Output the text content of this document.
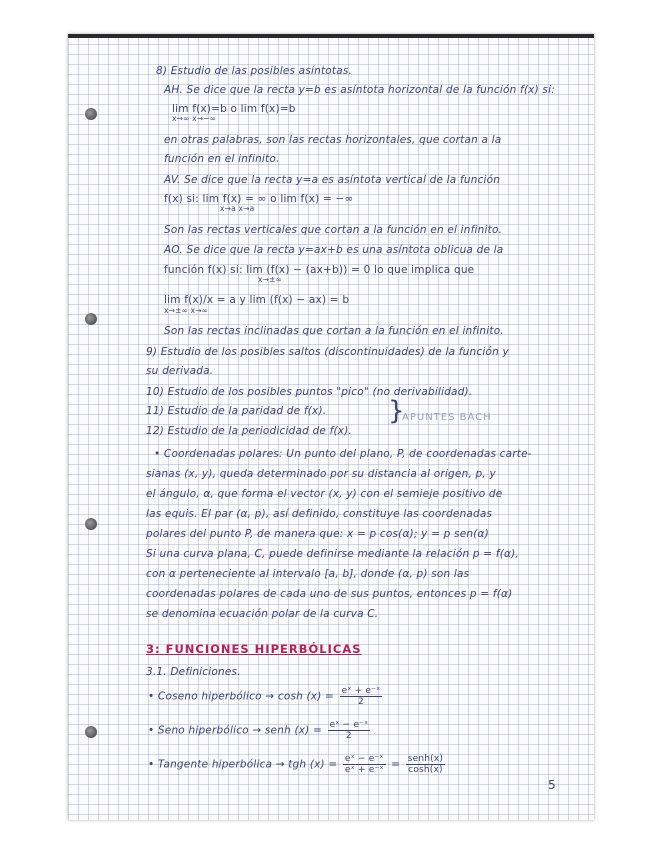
8) Estudio de las posibles asíntotas.
AH. Se dice que la recta y=b es asíntota horizontal de la función f(x) si:
lim f(x)=b o lim f(x)=b
x→∞ x→−∞
en otras palabras, son las rectas horizontales, que cortan a la
función en el infinito.
AV. Se dice que la recta y=a es asíntota vertical de la función
f(x) si: lim f(x) = ∞ o lim f(x) = −∞
x→a x→a
Son las rectas verticales que cortan a la función en el infinito.
AO. Se dice que la recta y=ax+b es una asíntota oblicua de la
función f(x) si: lim (f(x) − (ax+b)) = 0 lo que implica que
x→±∞
lim f(x)/x = a y lim (f(x) − ax) = b
x→±∞ x→∞
Son las rectas inclinadas que cortan a la función en el infinito.
9) Estudio de los posibles saltos (discontinuidades) de la función y
su derivada.
10) Estudio de los posibles puntos "pico" (no derivabilidad).
11) Estudio de la paridad de f(x).
12) Estudio de la periodicidad de f(x).
}
APUNTES BACH
• Coordenadas polares: Un punto del plano, P, de coordenadas carte-
sianas (x, y), queda determinado por su distancia al origen, p, y
el ángulo, α, que forma el vector (x, y) con el semieje positivo de
las equis. El par (α, p), así definido, constituye las coordenadas
polares del punto P, de manera que: x = p cos(α); y = p sen(α)
Si una curva plana, C, puede definirse mediante la relación p = f(α),
con α perteneciente al intervalo [a, b], donde (α, p) son las
coordenadas polares de cada uno de sus puntos, entonces p = f(α)
se denomina ecuación polar de la curva C.
3: FUNCIONES HIPERBÓLICAS
3.1. Definiciones.
• Coseno hiperbólico → $\cosh (x) = \frac{\text{eˣ + e⁻ˣ}}{2}$
• Seno hiperbólico → senh $(x) = \frac{\text{eˣ − e⁻ˣ}}{2}$
• Tangente hiperbólica → tgh $(x) = \frac{\text{eˣ − e⁻ˣ}}{\text{eˣ + e⁻ˣ}} = \frac{\text{senh(x)}}{\cosh(x)}$
5
